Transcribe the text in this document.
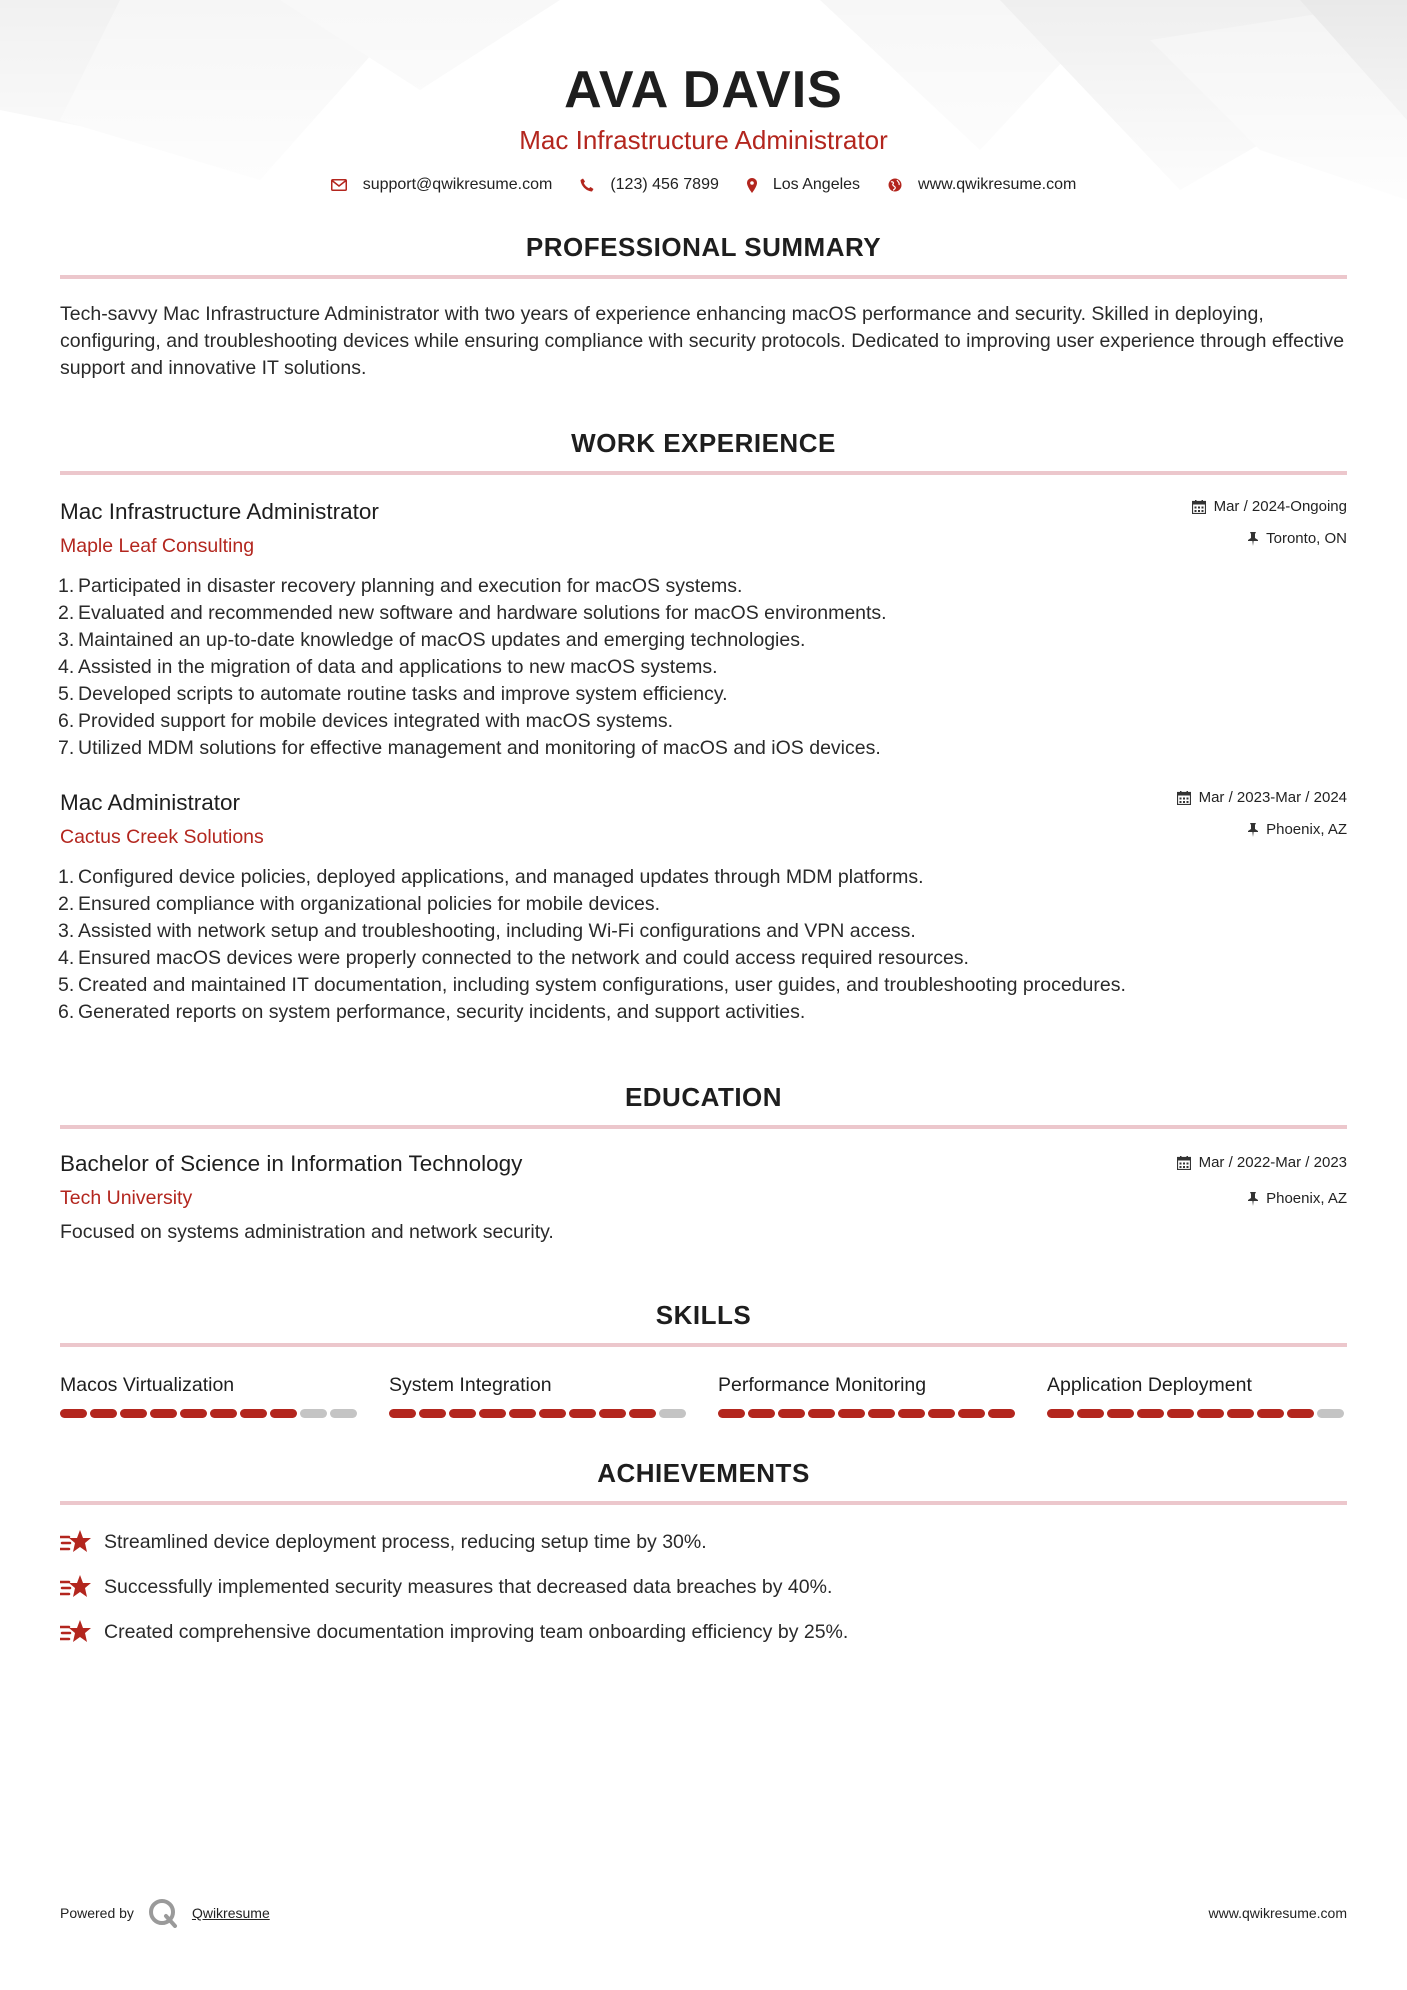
AVA DAVIS
Mac Infrastructure Administrator
support@qwikresume.com	(123) 456 7899	Los Angeles	www.qwikresume.com
PROFESSIONAL SUMMARY

Tech-savvy Mac Infrastructure Administrator with two years of experience enhancing macOS performance and security. Skilled in deploying, configuring, and troubleshooting devices while ensuring compliance with security protocols. Dedicated to improving user experience through effective support and innovative IT solutions.

WORK EXPERIENCE
Mac Infrastructure Administrator
Maple Leaf Consulting
Mar / 2024-Ongoing
Toronto, ON
Participated in disaster recovery planning and execution for macOS systems.
Evaluated and recommended new software and hardware solutions for macOS environments.
Maintained an up-to-date knowledge of macOS updates and emerging technologies.
Assisted in the migration of data and applications to new macOS systems.
Developed scripts to automate routine tasks and improve system efficiency.
Provided support for mobile devices integrated with macOS systems.
Utilized MDM solutions for effective management and monitoring of macOS and iOS devices.
Mac Administrator
Cactus Creek Solutions
Mar / 2023-Mar / 2024
Phoenix, AZ
Configured device policies, deployed applications, and managed updates through MDM platforms.
Ensured compliance with organizational policies for mobile devices.
Assisted with network setup and troubleshooting, including Wi-Fi configurations and VPN access.
Ensured macOS devices were properly connected to the network and could access required resources.
Created and maintained IT documentation, including system configurations, user guides, and troubleshooting procedures.
Generated reports on system performance, security incidents, and support activities.
EDUCATION
Bachelor of Science in Information Technology
Tech University
Mar / 2022-Mar / 2023
Phoenix, AZ

Focused on systems administration and network security.

SKILLS
Macos Virtualization	System Integration	Performance Monitoring	Application Deployment
ACHIEVEMENTS
Streamlined device deployment process, reducing setup time by 30%.
Successfully implemented security measures that decreased data breaches by 40%.
Created comprehensive documentation improving team onboarding efficiency by 25%.
Powered by	Qwikresume	www.qwikresume.com
